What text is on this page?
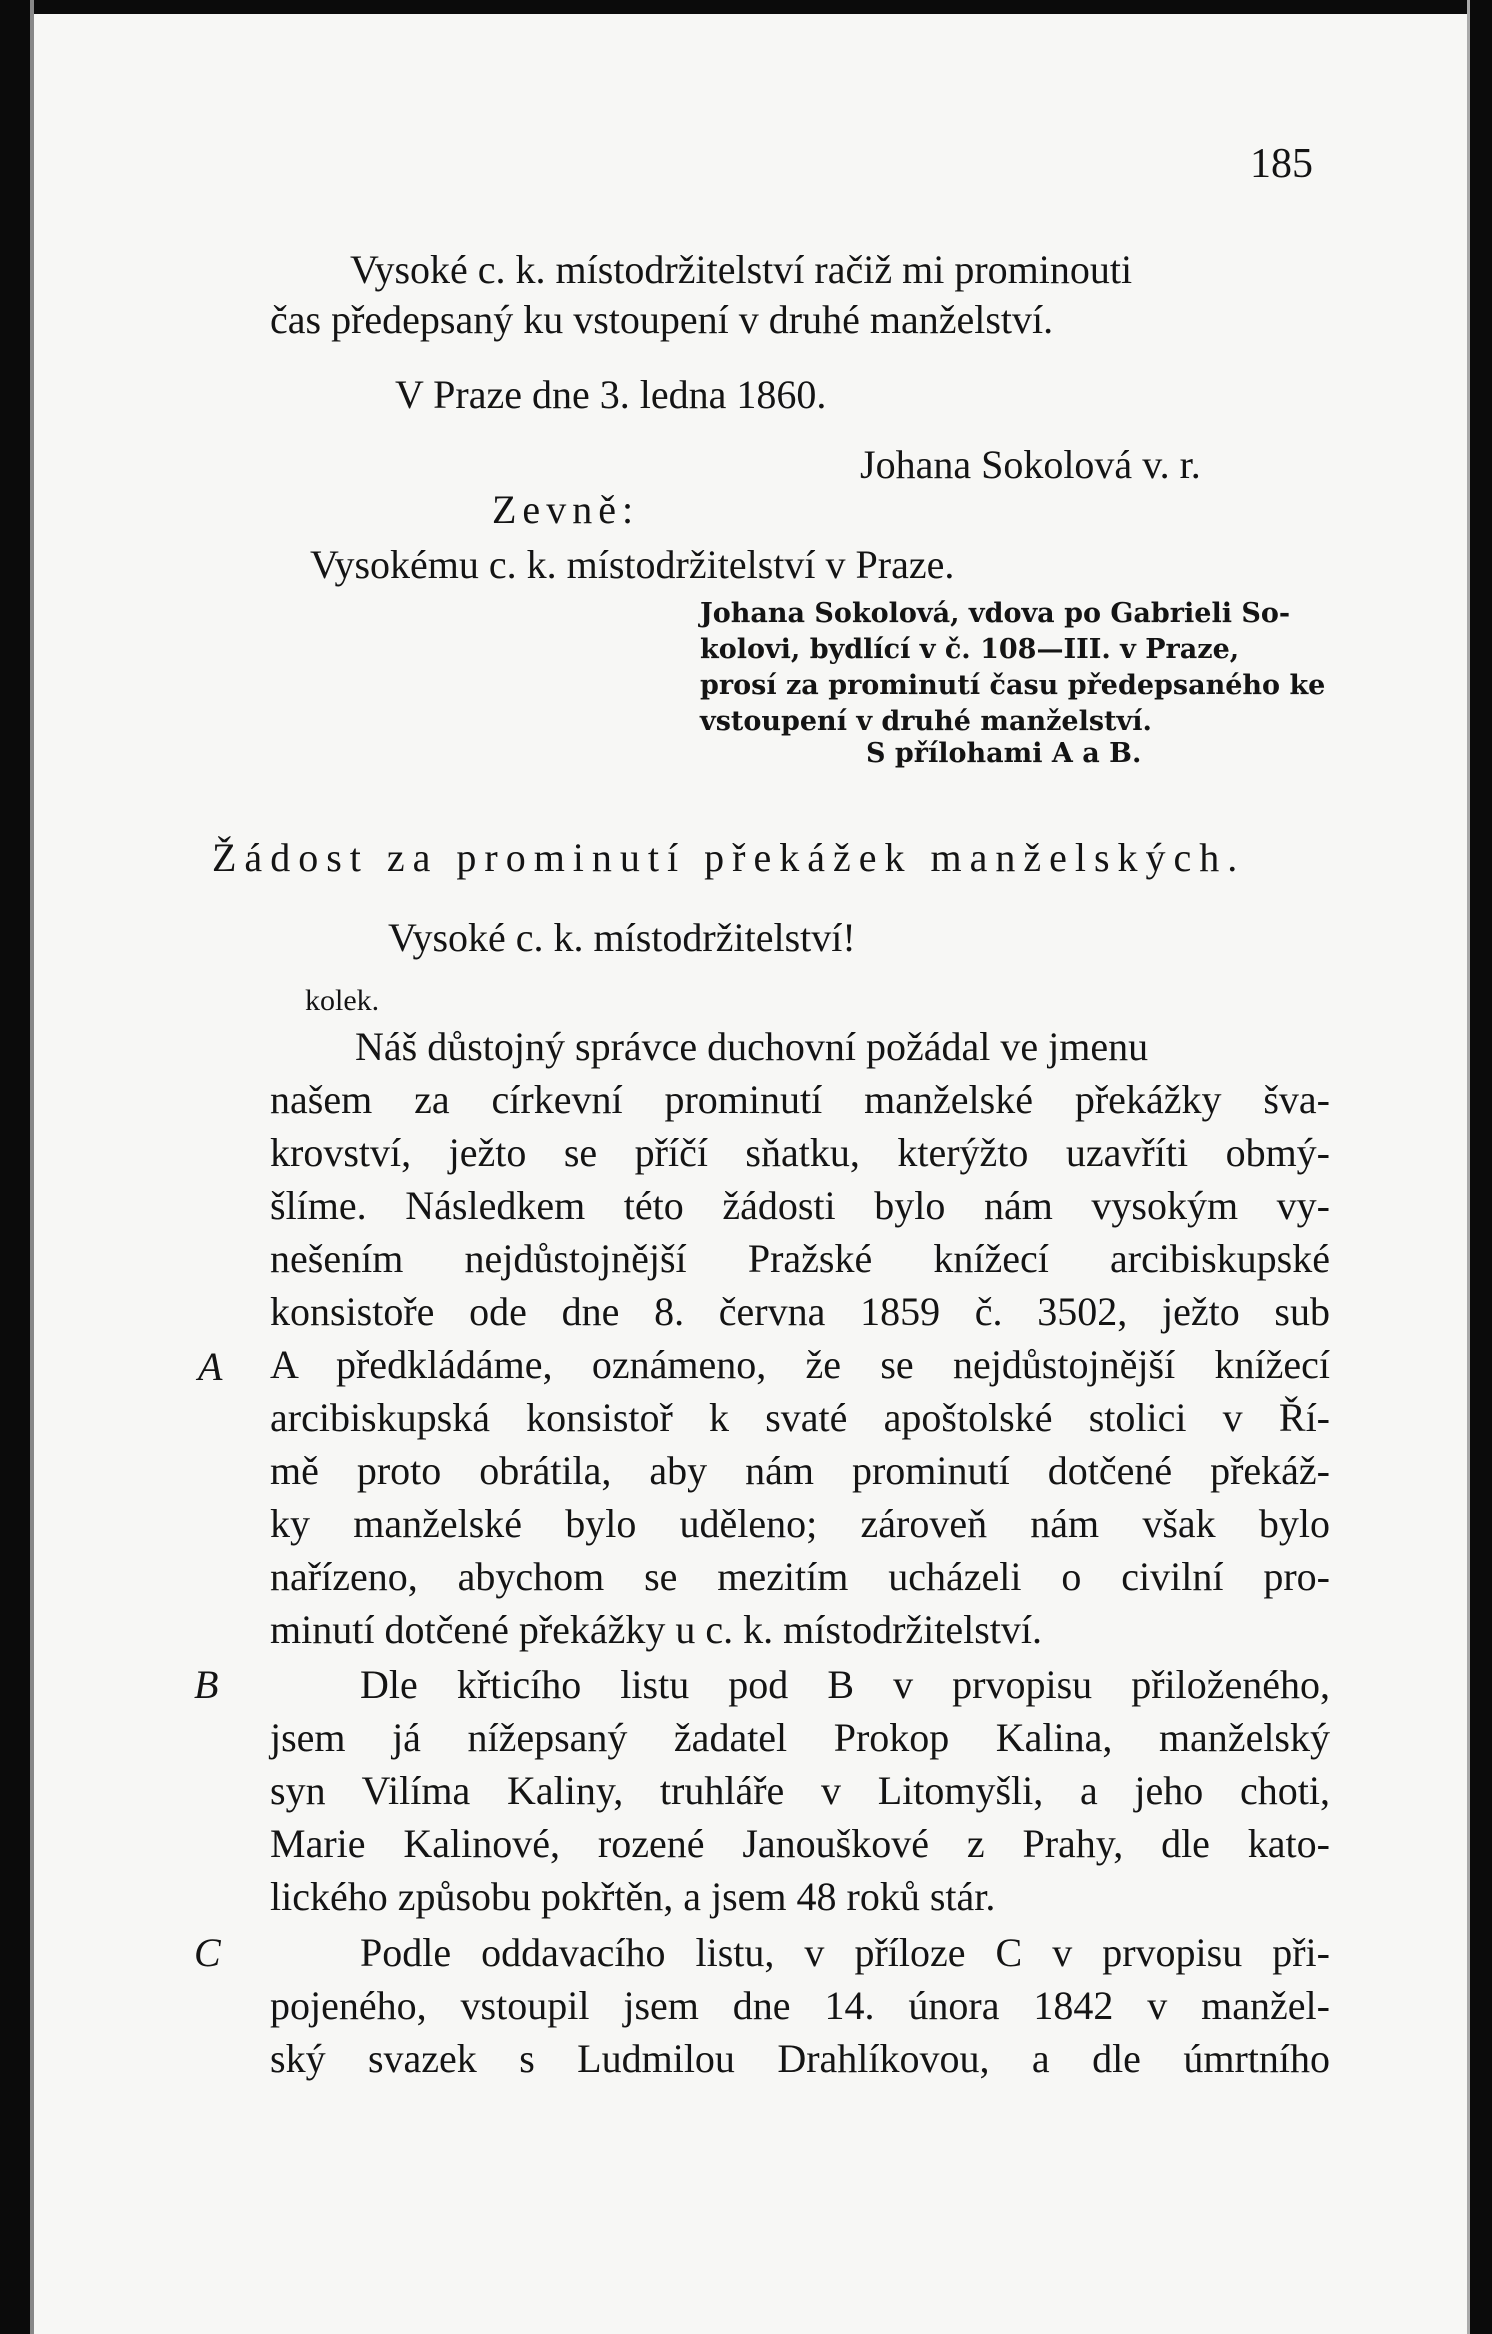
185
Vysoké c. k. místodržitelství račiž mi prominouti
čas předepsaný ku vstoupení v druhé manželství.
V Praze dne 3. ledna 1860.
Johana Sokolová v. r.
Zevně:
Vysokému c. k. místodržitelství v Praze.
Johana Sokolová, vdova po Gabrieli So-
kolovi, bydlící v č. 108—III. v Praze,
prosí za prominutí času předepsaného ke
vstoupení v druhé manželství.
S přílohami A a B.
Žádost za prominutí překážek manželských.
Vysoké c. k. místodržitelství!
kolek.
A
B
C
Náš důstojný správce duchovní požádal ve jmenu
našem za církevní prominutí manželské překážky šva-
krovství, ježto se příčí sňatku, kterýžto uzavříti obmý-
šlíme. Následkem této žádosti bylo nám vysokým vy-
nešením nejdůstojnější Pražské knížecí arcibiskupské
konsistoře ode dne 8. června 1859 č. 3502, ježto sub
A předkládáme, oznámeno, že se nejdůstojnější knížecí
arcibiskupská konsistoř k svaté apoštolské stolici v Ří-
mě proto obrátila, aby nám prominutí dotčené překáž-
ky manželské bylo uděleno; zároveň nám však bylo
nařízeno, abychom se mezitím ucházeli o civilní pro-
minutí dotčené překážky u c. k. místodržitelství.
Dle křticího listu pod B v prvopisu přiloženého,
jsem já nížepsaný žadatel Prokop Kalina, manželský
syn Vilíma Kaliny, truhláře v Litomyšli, a jeho choti,
Marie Kalinové, rozené Janouškové z Prahy, dle kato-
lického způsobu pokřtěn, a jsem 48 roků stár.
Podle oddavacího listu, v příloze C v prvopisu při-
pojeného, vstoupil jsem dne 14. února 1842 v manžel-
ský svazek s Ludmilou Drahlíkovou, a dle úmrtního
